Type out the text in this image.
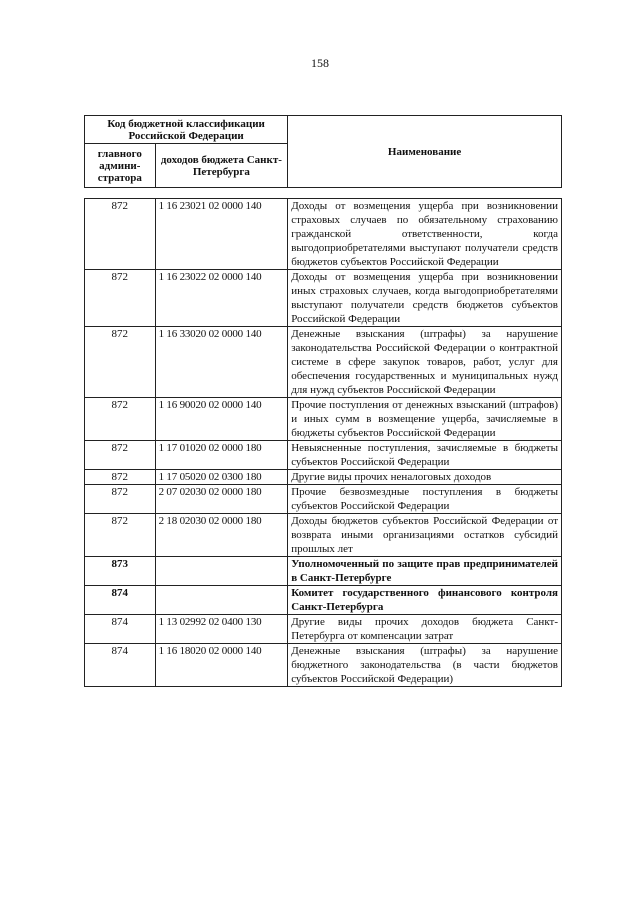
158
Код бюджетной классификации Российской Федерации		Наименование
главного админи-стратора	доходов бюджета Санкт-Петербурга	
872	1 16 23021 02 0000 140	Доходы от возмещения ущерба при возникновении страховых случаев по обязательному страхованию гражданской ответственности, когда выгодоприобретателями выступают получатели средств бюджетов субъектов Российской Федерации
872	1 16 23022 02 0000 140	Доходы от возмещения ущерба при возникновении иных страховых случаев, когда выгодоприобретателями выступают получатели средств бюджетов субъектов Российской Федерации
872	1 16 33020 02 0000 140	Денежные взыскания (штрафы) за нарушение законодательства Российской Федерации о контрактной системе в сфере закупок товаров, работ, услуг для обеспечения государственных и муниципальных нужд для нужд субъектов Российской Федерации
872	1 16 90020 02 0000 140	Прочие поступления от денежных взысканий (штрафов) и иных сумм в возмещение ущерба, зачисляемые в бюджеты субъектов Российской Федерации
872	1 17 01020 02 0000 180	Невыясненные поступления, зачисляемые в бюджеты субъектов Российской Федерации
872	1 17 05020 02 0300 180	Другие виды прочих неналоговых доходов
872	2 07 02030 02 0000 180	Прочие безвозмездные поступления в бюджеты субъектов Российской Федерации
872	2 18 02030 02 0000 180	Доходы бюджетов субъектов Российской Федерации от возврата иными организациями остатков субсидий прошлых лет
873		Уполномоченный по защите прав предпринимателей в Санкт-Петербурге
874		Комитет государственного финансового контроля Санкт-Петербурга
874	1 13 02992 02 0400 130	Другие виды прочих доходов бюджета Санкт-Петербурга от компенсации затрат
874	1 16 18020 02 0000 140	Денежные взыскания (штрафы) за нарушение бюджетного законодательства (в части бюджетов субъектов Российской Федерации)
